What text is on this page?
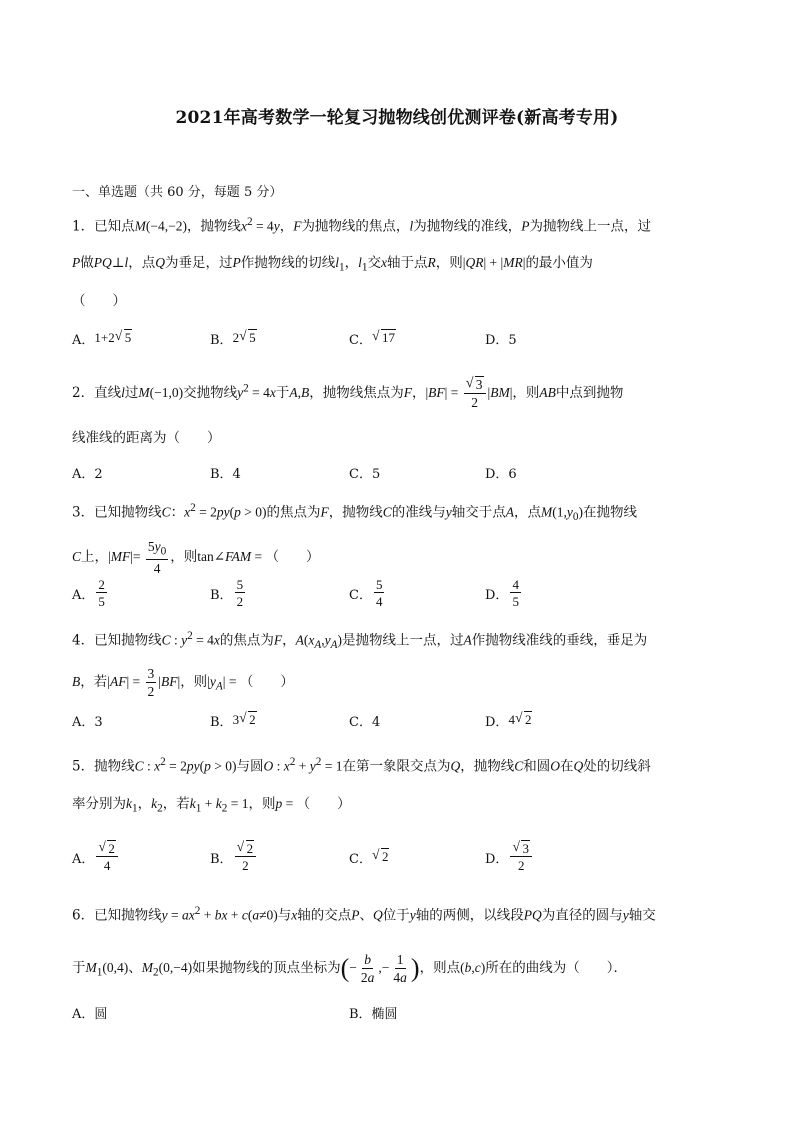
2021年高考数学一轮复习抛物线创优测评卷(新高考专用)
一、单选题（共 60 分，每题 5 分）
1．已知点M(−4,−2)，抛物线$x^2 = 4y$，F为抛物线的焦点，l为抛物线的准线，P为抛物线上一点，过
P做PQ⊥l，点Q为垂足，过P作抛物线的切线$l_1$，$l_1$交x轴于点R，则|QR| + |MR|的最小值为
（　　）
A． 1+2 √ 5	B． 2 √ 5	C． √ 17	D．5
2．直线l过M(−1,0)交抛物线$y^2 = 4x$于A,B，抛物线焦点为F，|BF| = √ $\frac{3}{2} |BM|$，则AB中点到抛物
线准线的距离为（　　）
A．2	B．4	C．5	D．6
3．已知抛物线C：$x^2 = 2py(p > 0)$的焦点为F，抛物线C的准线与y轴交于点A，点$M(1,y_0)$在抛物线
C上，$|MF|= \frac{5y_0}{4}$ ，则tan∠FAM = （　　）
A． $\frac{2}{5}$	B． $\frac{5}{2}$	C． $\frac{5}{4}$	D． $\frac{4}{5}$
4．已知抛物线C : $y^2 = 4x$的焦点为F，$A(x_A,y_A)$是抛物线上一点，过A作抛物线准线的垂线，垂足为
B，若$|AF| = \frac{3}{2} |BF|$，则$|y_A|$ = （　　）
A．3	B． 3 √ 2	C．4	D． 4 √ 2
5．抛物线C : $x^2 = 2py(p > 0)$与圆O : $x^2 + y^2 = 1$在第一象限交点为Q，抛物线C和圆O在Q处的切线斜
率分别为$k_1$，$k_2$，若$k_1 + k_2 = 1$，则p = （　　）
A． √ $\frac{2}{4}$	B． √ $\frac{2}{2}$	C． √ 2	D． √ $\frac{3}{2}$
6．已知抛物线$y = ax^2$ + bx + c(a≠0)与x轴的交点P、Q位于y轴的两侧，以线段PQ为直径的圆与y轴交
于$M_1(0,4)$、$M_2(0,-4)$如果抛物线的顶点坐标为(− $\frac{b}{2a}$ ,− $\frac{1}{4a}$ )，则点(b,c)所在的曲线为（　　）．
A．圆	B．椭圆
